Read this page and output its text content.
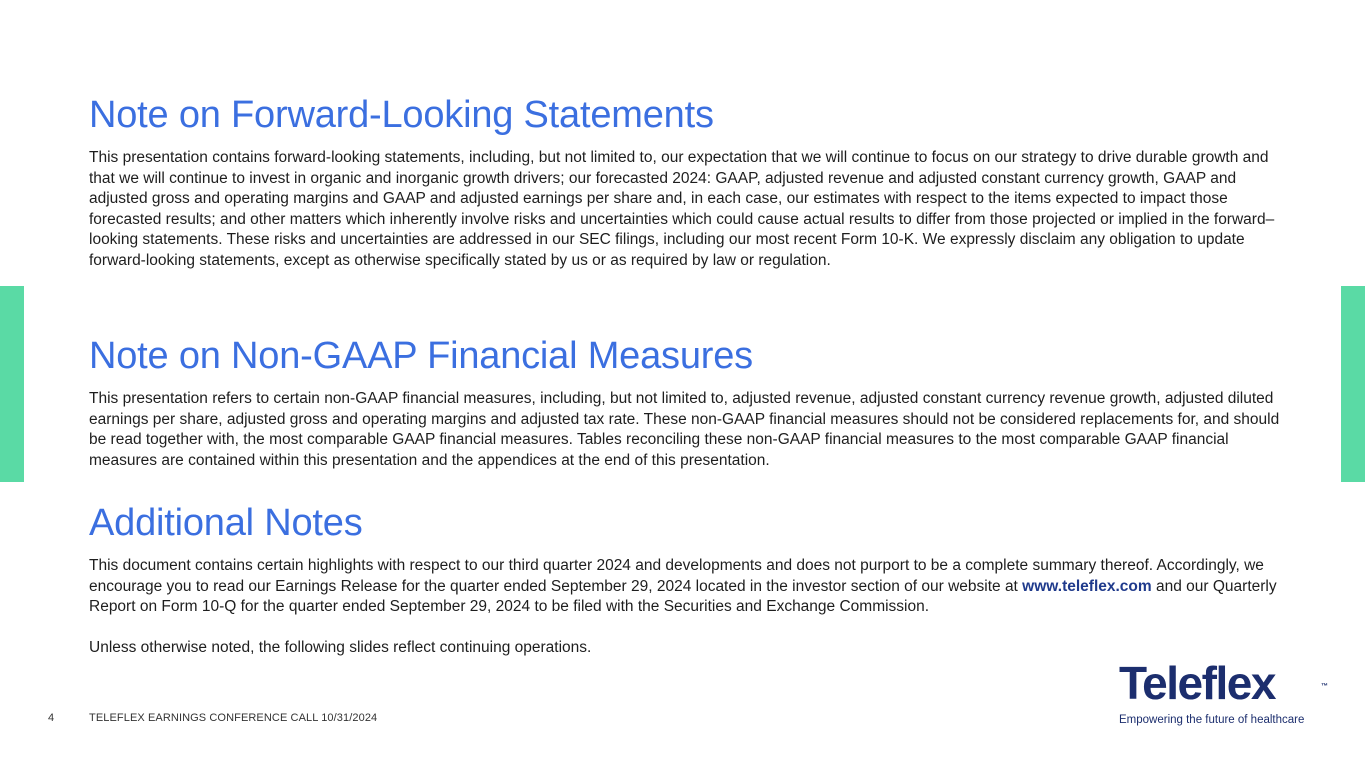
Note on Forward-Looking Statements

This presentation contains forward-looking statements, including, but not limited to, our expectation that we will continue to focus on our strategy to drive durable growth and that we will continue to invest in organic and inorganic growth drivers; our forecasted 2024: GAAP, adjusted revenue and adjusted constant currency growth, GAAP and adjusted gross and operating margins and GAAP and adjusted earnings per share and, in each case, our estimates with respect to the items expected to impact those forecasted results; and other matters which inherently involve risks and uncertainties which could cause actual results to differ from those projected or implied in the forward–looking statements. These risks and uncertainties are addressed in our SEC filings, including our most recent Form 10-K. We expressly disclaim any obligation to update forward-looking statements, except as otherwise specifically stated by us or as required by law or regulation.

Note on Non-GAAP Financial Measures

This presentation refers to certain non-GAAP financial measures, including, but not limited to, adjusted revenue, adjusted constant currency revenue growth, adjusted diluted earnings per share, adjusted gross and operating margins and adjusted tax rate. These non-GAAP financial measures should not be considered replacements for, and should be read together with, the most comparable GAAP financial measures. Tables reconciling these non-GAAP financial measures to the most comparable GAAP financial measures are contained within this presentation and the appendices at the end of this presentation.

Additional Notes

This document contains certain highlights with respect to our third quarter 2024 and developments and does not purport to be a complete summary thereof. Accordingly, we encourage you to read our Earnings Release for the quarter ended September 29, 2024 located in the investor section of our website at www.teleflex.com and our Quarterly Report on Form 10-Q for the quarter ended September 29, 2024 to be filed with the Securities and Exchange Commission.

Unless otherwise noted, the following slides reflect continuing operations.

4	TELEFLEX EARNINGS CONFERENCE CALL 10/31/2024
Teleflex	™
Empowering the future of healthcare
